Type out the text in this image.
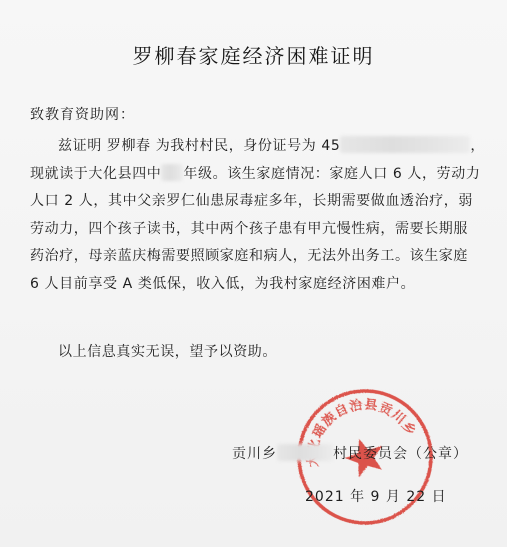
罗柳春家庭经济困难证明
致教育资助网：
兹证明 罗柳春 为我村村民，身份证号为 45	，
现就读于大化县四中 年级。该生家庭情况：家庭人口 6 人，劳动力
人口 2 人，其中父亲罗仁仙患尿毒症多年，长期需要做血透治疗，弱
劳动力，四个孩子读书，其中两个孩子患有甲亢慢性病，需要长期服
药治疗，母亲蓝庆梅需要照顾家庭和病人，无法外出务工。该生家庭
6 人目前享受 A 类低保，收入低，为我村家庭经济困难户。
以上信息真实无误，望予以资助。
大化瑶族自治县贡川乡
贡川乡	村民委员会（公章）
2021 年 9 月 22 日
